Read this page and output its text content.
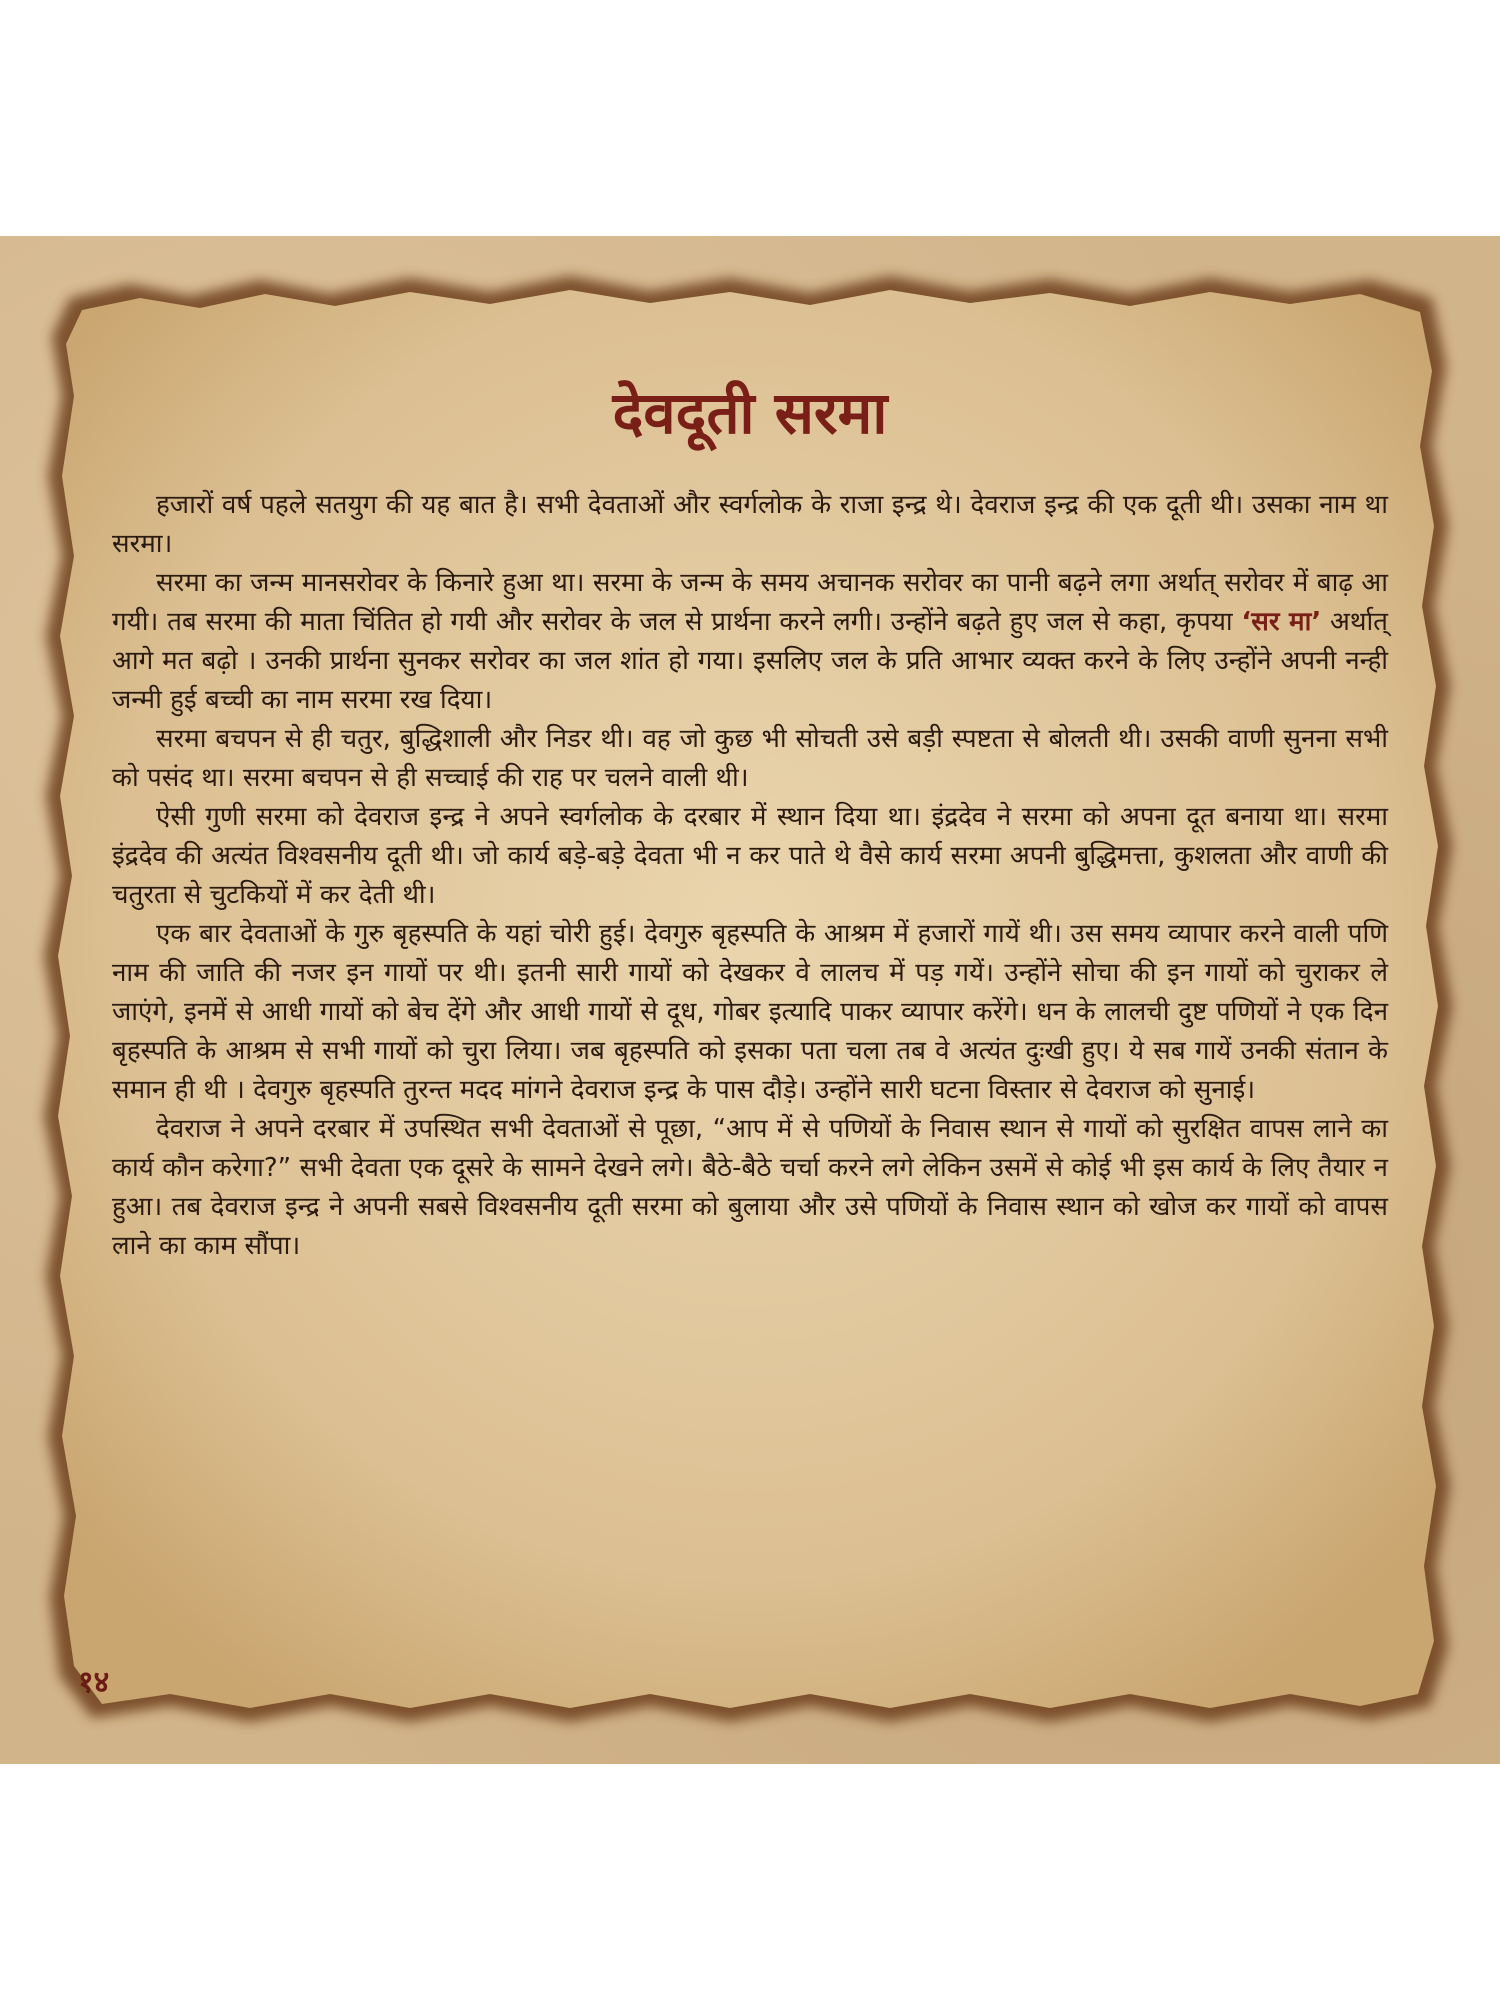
देवदूती सरमा

हजारों वर्ष पहले सतयुग की यह बात है। सभी देवताओं और स्वर्गलोक के राजा इन्द्र थे। देवराज इन्द्र की एक दूती थी। उसका नाम था सरमा।

सरमा का जन्म मानसरोवर के किनारे हुआ था। सरमा के जन्म के समय अचानक सरोवर का पानी बढ़ने लगा अर्थात् सरोवर में बाढ़ आ गयी। तब सरमा की माता चिंतित हो गयी और सरोवर के जल से प्रार्थना करने लगी। उन्होंने बढ़ते हुए जल से कहा, कृपया ‘सर मा’ अर्थात् आगे मत बढ़ो । उनकी प्रार्थना सुनकर सरोवर का जल शांत हो गया। इसलिए जल के प्रति आभार व्यक्त करने के लिए उन्होंने अपनी नन्ही जन्मी हुई बच्ची का नाम सरमा रख दिया।

सरमा बचपन से ही चतुर, बुद्धिशाली और निडर थी। वह जो कुछ भी सोचती उसे बड़ी स्पष्टता से बोलती थी। उसकी वाणी सुनना सभी को पसंद था। सरमा बचपन से ही सच्चाई की राह पर चलने वाली थी।

ऐसी गुणी सरमा को देवराज इन्द्र ने अपने स्वर्गलोक के दरबार में स्थान दिया था। इंद्रदेव ने सरमा को अपना दूत बनाया था। सरमा इंद्रदेव की अत्यंत विश्वसनीय दूती थी। जो कार्य बड़े-बड़े देवता भी न कर पाते थे वैसे कार्य सरमा अपनी बुद्धिमत्ता, कुशलता और वाणी की चतुरता से चुटकियों में कर देती थी।

एक बार देवताओं के गुरु बृहस्पति के यहां चोरी हुई। देवगुरु बृहस्पति के आश्रम में हजारों गायें थी। उस समय व्यापार करने वाली पणि नाम की जाति की नजर इन गायों पर थी। इतनी सारी गायों को देखकर वे लालच में पड़ गयें। उन्होंने सोचा की इन गायों को चुराकर ले जाएंगे, इनमें से आधी गायों को बेच देंगे और आधी गायों से दूध, गोबर इत्यादि पाकर व्यापार करेंगे। धन के लालची दुष्ट पणियों ने एक दिन बृहस्पति के आश्रम से सभी गायों को चुरा लिया। जब बृहस्पति को इसका पता चला तब वे अत्यंत दुःखी हुए। ये सब गायें उनकी संतान के समान ही थी । देवगुरु बृहस्पति तुरन्त मदद मांगने देवराज इन्द्र के पास दौड़े। उन्होंने सारी घटना विस्तार से देवराज को सुनाई।

देवराज ने अपने दरबार में उपस्थित सभी देवताओं से पूछा, “आप में से पणियों के निवास स्थान से गायों को सुरक्षित वापस लाने का कार्य कौन करेगा?” सभी देवता एक दूसरे के सामने देखने लगे। बैठे-बैठे चर्चा करने लगे लेकिन उसमें से कोई भी इस कार्य के लिए तैयार न हुआ। तब देवराज इन्द्र ने अपनी सबसे विश्वसनीय दूती सरमा को बुलाया और उसे पणियों के निवास स्थान को खोज कर गायों को वापस लाने का काम सौंपा।

१४
